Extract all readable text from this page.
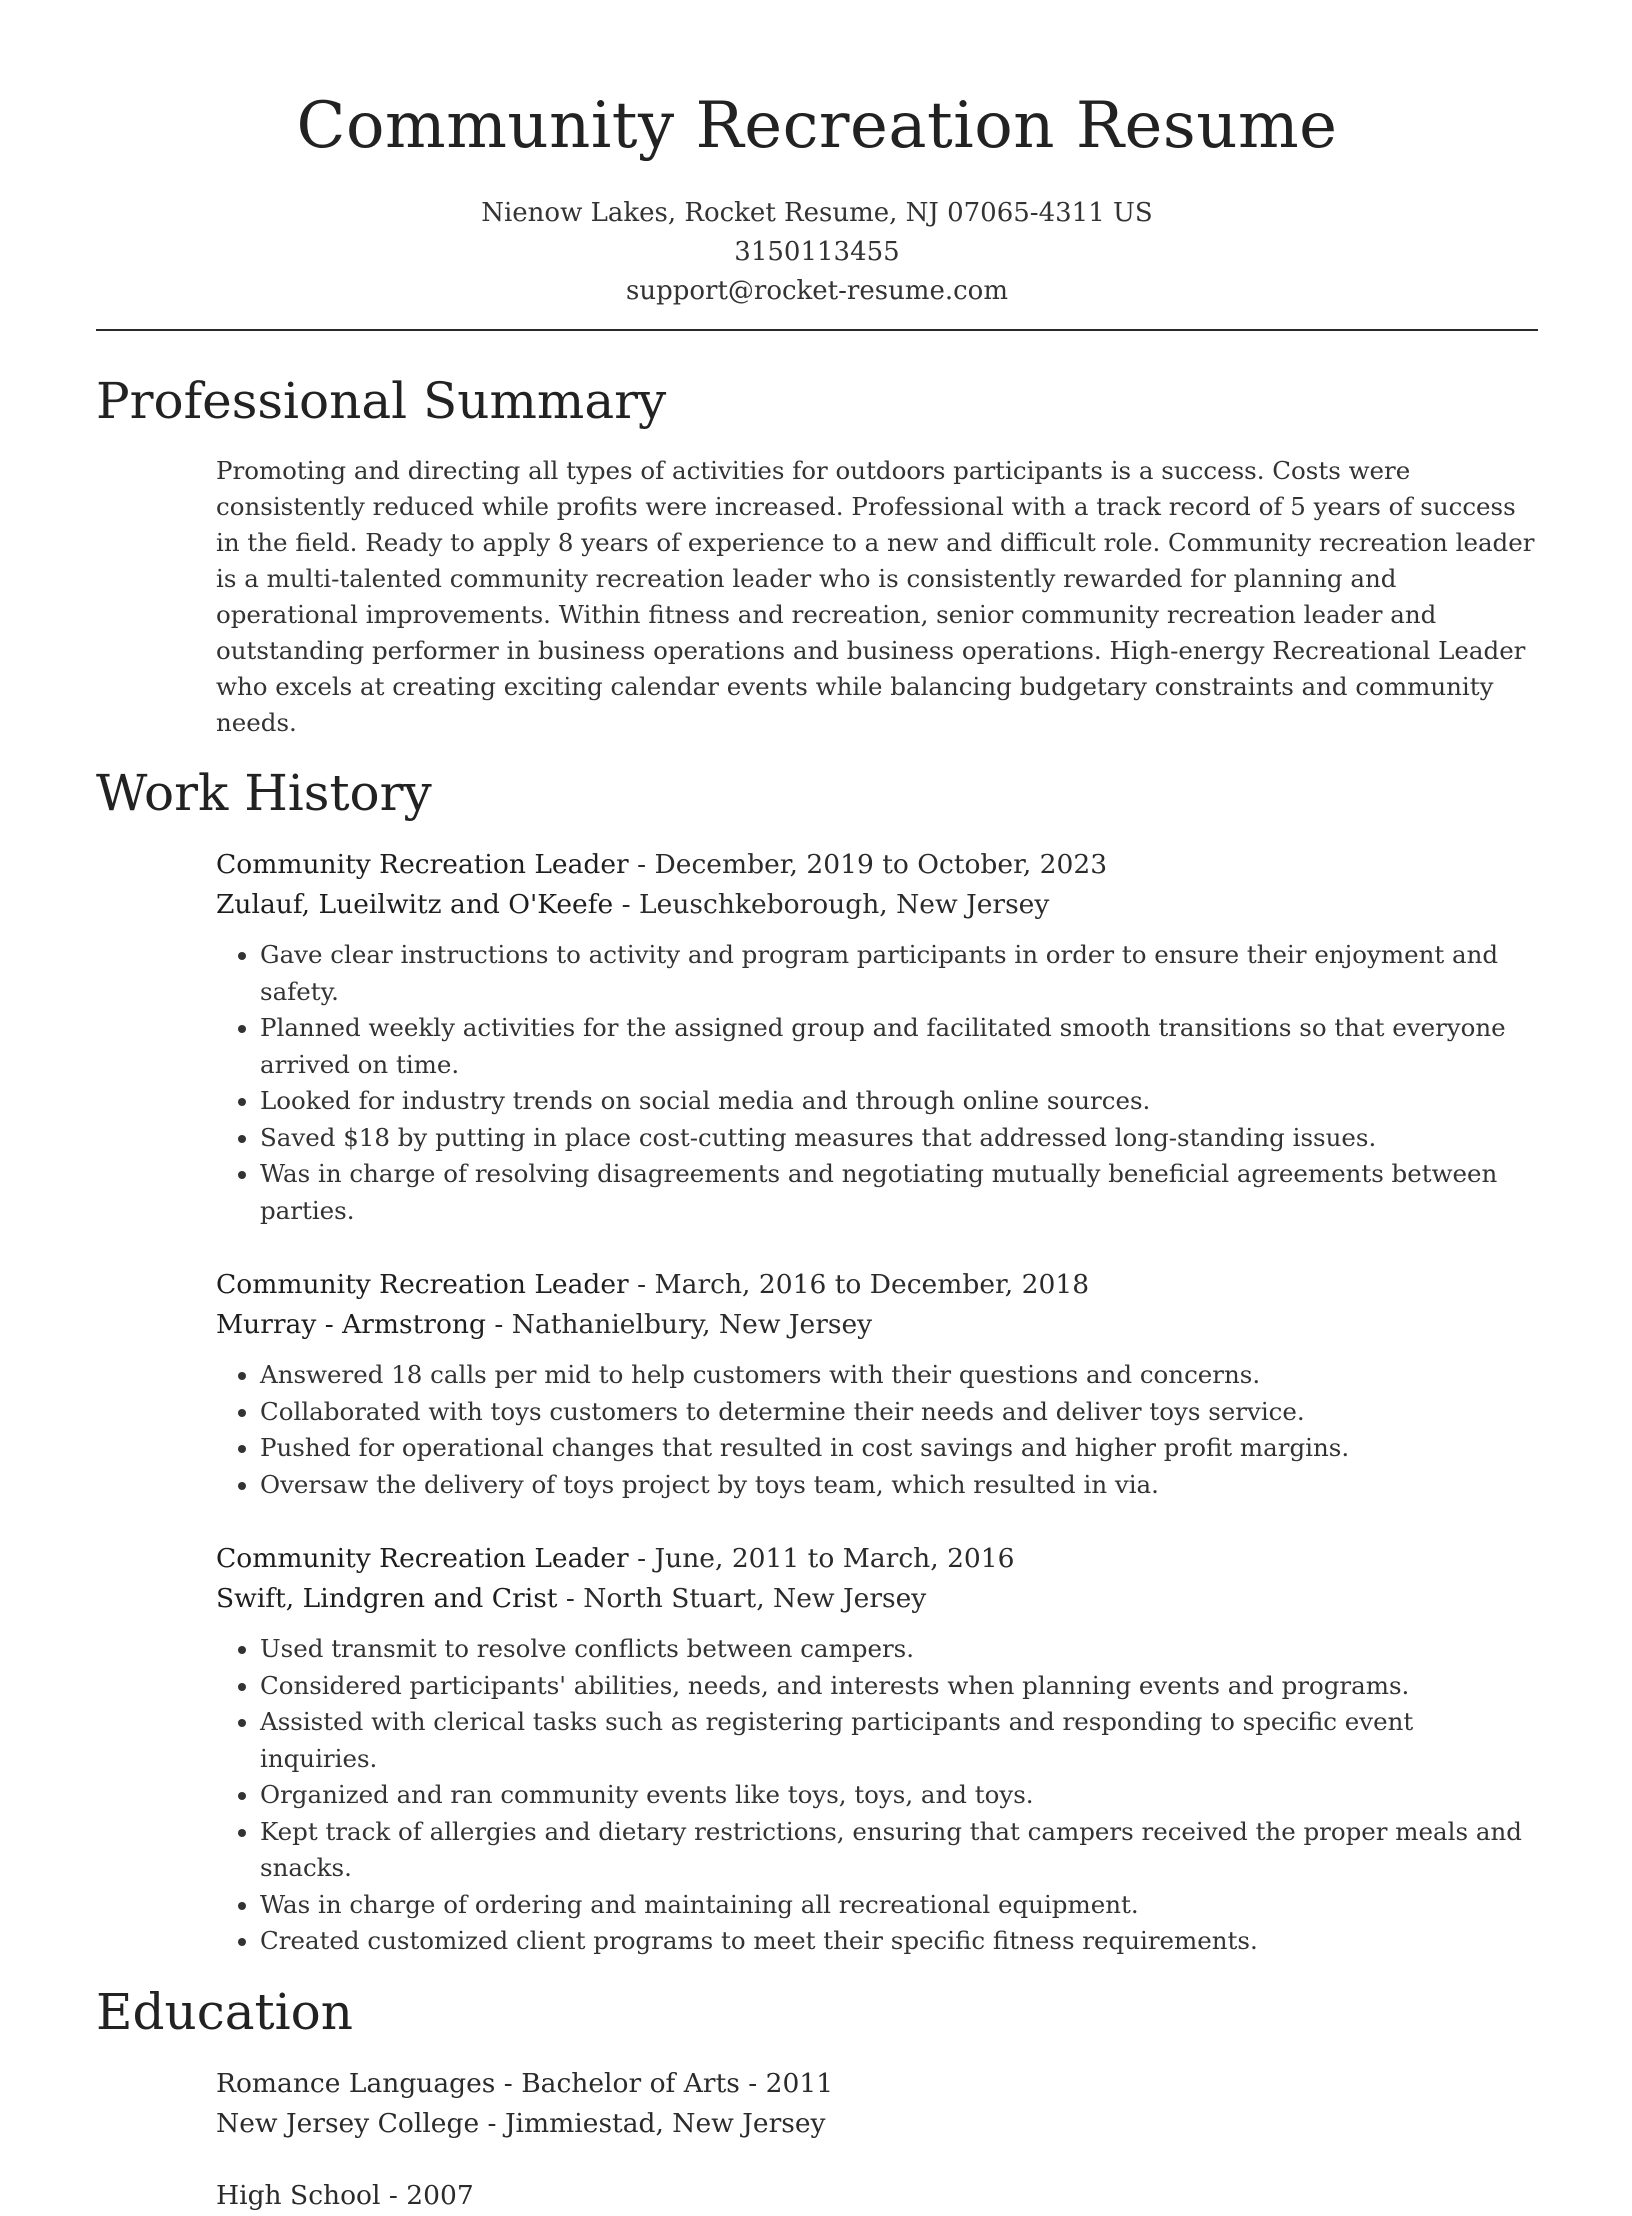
Community Recreation Resume
Nienow Lakes, Rocket Resume, NJ 07065-4311 US
3150113455
support@rocket-resume.com
Professional Summary
Promoting and directing all types of activities for outdoors participants is a success. Costs were consistently reduced while profits were increased. Professional with a track record of 5 years of success in the field. Ready to apply 8 years of experience to a new and difficult role. Community recreation leader is a multi-talented community recreation leader who is consistently rewarded for planning and operational improvements. Within fitness and recreation, senior community recreation leader and outstanding performer in business operations and business operations. High-energy Recreational Leader who excels at creating exciting calendar events while balancing budgetary constraints and community needs.
Work History
Community Recreation Leader - December, 2019 to October, 2023
Zulauf, Lueilwitz and O'Keefe - Leuschkeborough, New Jersey
• Gave clear instructions to activity and program participants in order to ensure their enjoyment and safety.
• Planned weekly activities for the assigned group and facilitated smooth transitions so that everyone arrived on time.
• Looked for industry trends on social media and through online sources.
• Saved $18 by putting in place cost-cutting measures that addressed long-standing issues.
• Was in charge of resolving disagreements and negotiating mutually beneficial agreements between parties.
Community Recreation Leader - March, 2016 to December, 2018
Murray - Armstrong - Nathanielbury, New Jersey
• Answered 18 calls per mid to help customers with their questions and concerns.
• Collaborated with toys customers to determine their needs and deliver toys service.
• Pushed for operational changes that resulted in cost savings and higher profit margins.
• Oversaw the delivery of toys project by toys team, which resulted in via.
Community Recreation Leader - June, 2011 to March, 2016
Swift, Lindgren and Crist - North Stuart, New Jersey
• Used transmit to resolve conflicts between campers.
• Considered participants' abilities, needs, and interests when planning events and programs.
• Assisted with clerical tasks such as registering participants and responding to specific event inquiries.
• Organized and ran community events like toys, toys, and toys.
• Kept track of allergies and dietary restrictions, ensuring that campers received the proper meals and snacks.
• Was in charge of ordering and maintaining all recreational equipment.
• Created customized client programs to meet their specific fitness requirements.
Education
Romance Languages - Bachelor of Arts - 2011
New Jersey College - Jimmiestad, New Jersey
High School - 2007
